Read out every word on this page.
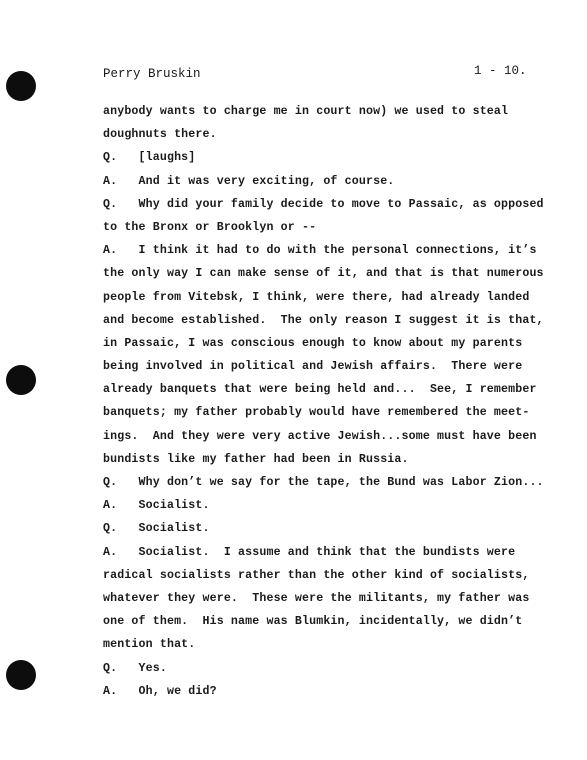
Perry Bruskin	1 - 10.
anybody wants to charge me in court now) we used to steal
doughnuts there.
Q.   [laughs]
A.   And it was very exciting, of course.
Q.   Why did your family decide to move to Passaic, as opposed
to the Bronx or Brooklyn or --
A.   I think it had to do with the personal connections, it’s
the only way I can make sense of it, and that is that numerous
people from Vitebsk, I think, were there, had already landed
and become established.  The only reason I suggest it is that,
in Passaic, I was conscious enough to know about my parents
being involved in political and Jewish affairs.  There were
already banquets that were being held and...  See, I remember
banquets; my father probably would have remembered the meet-
ings.  And they were very active Jewish...some must have been
bundists like my father had been in Russia.
Q.   Why don’t we say for the tape, the Bund was Labor Zion...
A.   Socialist.
Q.   Socialist.
A.   Socialist.  I assume and think that the bundists were
radical socialists rather than the other kind of socialists,
whatever they were.  These were the militants, my father was
one of them.  His name was Blumkin, incidentally, we didn’t
mention that.
Q.   Yes.
A.   Oh, we did?
